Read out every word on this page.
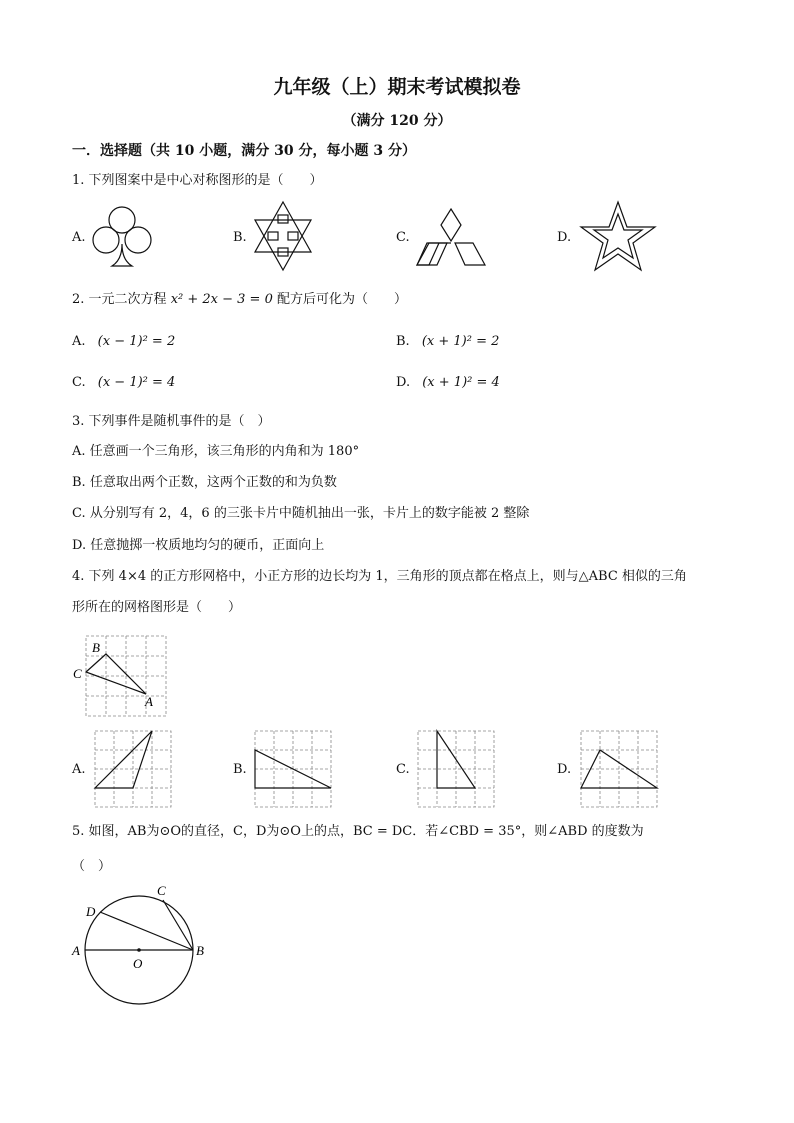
九年级（上）期末考试模拟卷
（满分 120 分）
一．选择题（共 10 小题，满分 30 分，每小题 3 分）
1. 下列图案中是中心对称图形的是（　　）
A.	B.	C.	D.
2. 一元二次方程 x² + 2x − 3 = 0 配方后可化为（　　）
A. (x − 1)² = 2	B. (x + 1)² = 2
C. (x − 1)² = 4	D. (x + 1)² = 4
3. 下列事件是随机事件的是（　）
A. 任意画一个三角形，该三角形的内角和为 180°
B. 任意取出两个正数，这两个正数的和为负数
C. 从分别写有 2，4，6 的三张卡片中随机抽出一张，卡片上的数字能被 2 整除
D. 任意抛掷一枚质地均匀的硬币，正面向上
4. 下列 4×4 的正方形网格中，小正方形的边长均为 1，三角形的顶点都在格点上，则与△ABC 相似的三角
形所在的网格图形是（　　）
B
C
A
A.	B.	C.	D.
5. 如图，AB为⊙O的直径，C，D为⊙O上的点，BC = DC．若∠CBD = 35°，则∠ABD 的度数为
（　）
A	B
C
D
O
